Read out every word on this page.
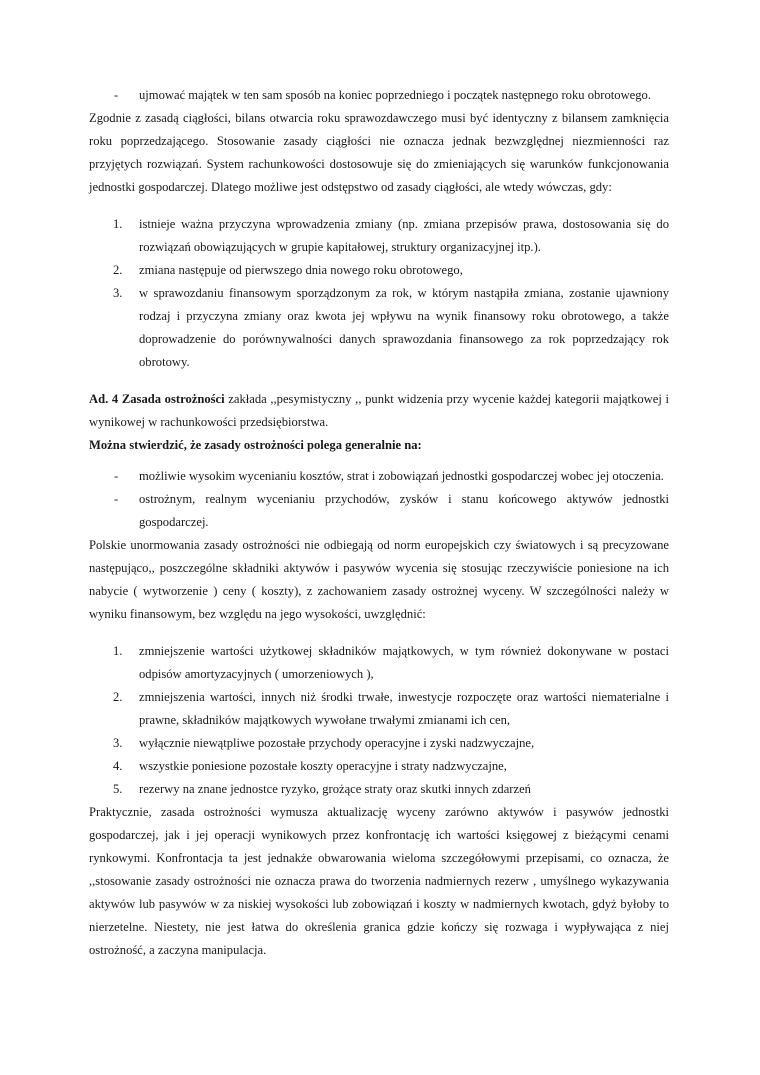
- ujmować majątek w ten sam sposób na koniec poprzedniego i początek następnego roku obrotowego.
Zgodnie z zasadą ciągłości, bilans otwarcia roku sprawozdawczego musi być identyczny z bilansem zamknięcia roku poprzedzającego. Stosowanie zasady ciągłości nie oznacza jednak bezwzględnej niezmienności raz przyjętych rozwiązań. System rachunkowości dostosowuje się do zmieniających się warunków funkcjonowania jednostki gospodarczej. Dlatego możliwe jest odstępstwo od zasady ciągłości, ale wtedy wówczas, gdy:
1. istnieje ważna przyczyna wprowadzenia zmiany (np. zmiana przepisów prawa, dostosowania się do rozwiązań obowiązujących w grupie kapitałowej, struktury organizacyjnej itp.).
2. zmiana następuje od pierwszego dnia nowego roku obrotowego,
3. w sprawozdaniu finansowym sporządzonym za rok, w którym nastąpiła zmiana, zostanie ujawniony rodzaj i przyczyna zmiany oraz kwota jej wpływu na wynik finansowy roku obrotowego, a także doprowadzenie do porównywalności danych sprawozdania finansowego za rok poprzedzający rok obrotowy.
Ad. 4 Zasada ostrożności zakłada ,,pesymistyczny ,, punkt widzenia przy wycenie każdej kategorii majątkowej i wynikowej w rachunkowości przedsiębiorstwa.
Można stwierdzić, że zasady ostrożności polega generalnie na:
- możliwie wysokim wycenianiu kosztów, strat i zobowiązań jednostki gospodarczej wobec jej otoczenia.
- ostrożnym, realnym wycenianiu przychodów, zysków i stanu końcowego aktywów jednostki gospodarczej.
Polskie unormowania zasady ostrożności nie odbiegają od norm europejskich czy światowych i są precyzowane następująco,, poszczególne składniki aktywów i pasywów wycenia się stosując rzeczywiście poniesione na ich nabycie ( wytworzenie ) ceny ( koszty), z zachowaniem zasady ostrożnej wyceny. W szczególności należy w wyniku finansowym, bez względu na jego wysokości, uwzględnić:
1. zmniejszenie wartości użytkowej składników majątkowych, w tym również dokonywane w postaci odpisów amortyzacyjnych ( umorzeniowych ),
2. zmniejszenia wartości, innych niż środki trwałe, inwestycje rozpoczęte oraz wartości niematerialne i prawne, składników majątkowych wywołane trwałymi zmianami ich cen,
3. wyłącznie niewątpliwe pozostałe przychody operacyjne i zyski nadzwyczajne,
4. wszystkie poniesione pozostałe koszty operacyjne i straty nadzwyczajne,
5. rezerwy na znane jednostce ryzyko, grożące straty oraz skutki innych zdarzeń
Praktycznie, zasada ostrożności wymusza aktualizację wyceny zarówno aktywów i pasywów jednostki gospodarczej, jak i jej operacji wynikowych przez konfrontację ich wartości księgowej z bieżącymi cenami rynkowymi. Konfrontacja ta jest jednakże obwarowania wieloma szczegółowymi przepisami, co oznacza, że ,,stosowanie zasady ostrożności nie oznacza prawa do tworzenia nadmiernych rezerw , umyślnego wykazywania aktywów lub pasywów w za niskiej wysokości lub zobowiązań i koszty w nadmiernych kwotach, gdyż byłoby to nierzetelne. Niestety, nie jest łatwa do określenia granica gdzie kończy się rozwaga i wypływająca z niej ostrożność, a zaczyna manipulacja.
